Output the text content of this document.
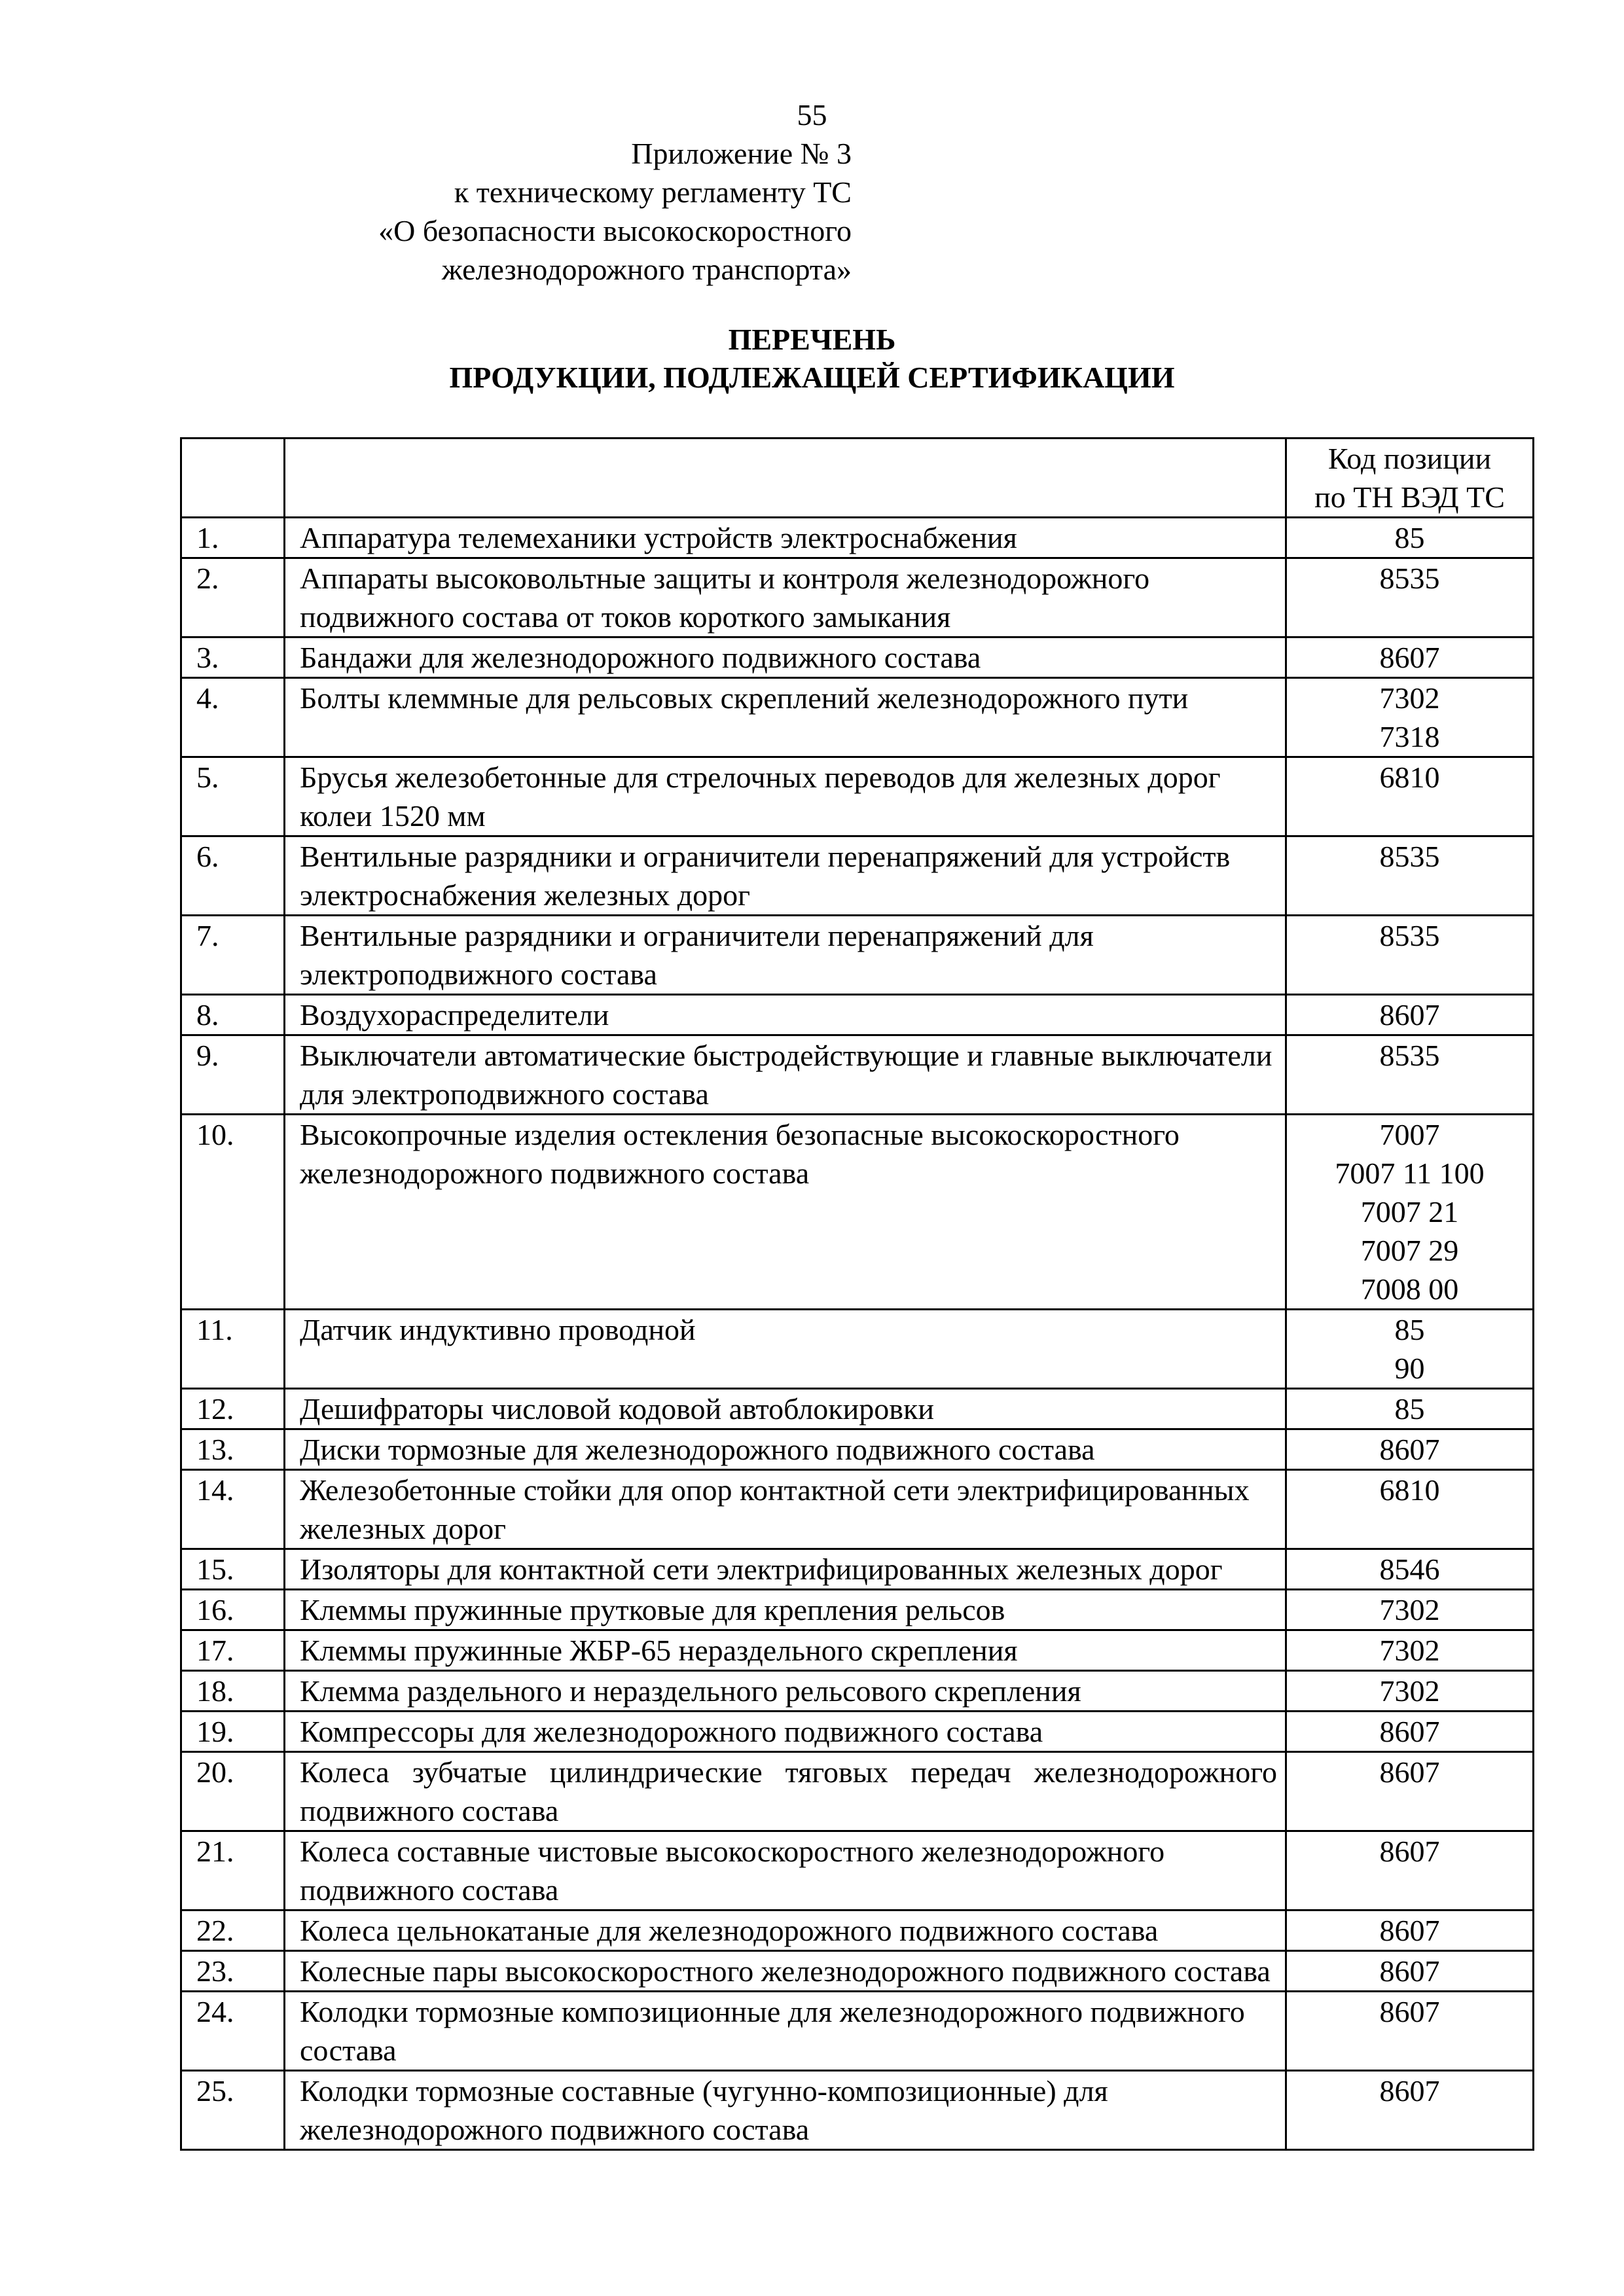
55
Приложение № 3
к техническому регламенту ТС
«О безопасности высокоскоростного
железнодорожного транспорта»
ПЕРЕЧЕНЬ
ПРОДУКЦИИ, ПОДЛЕЖАЩЕЙ СЕРТИФИКАЦИИ

		Код позиции
по ТН ВЭД ТС

1.	Аппаратура телемеханики устройств электроснабжения	85

2.	Аппараты высоковольтные защиты и контроля железнодорожного подвижного состава от токов короткого замыкания	8535

3.	Бандажи для железнодорожного подвижного состава	8607

4.	Болты клеммные для рельсовых скреплений железнодорожного пути	7302
7318

5.	Брусья железобетонные для стрелочных переводов для железных дорог колеи 1520 мм	6810

6.	Вентильные разрядники и ограничители перенапряжений для устройств электроснабжения железных дорог	8535

7.	Вентильные разрядники и ограничители перенапряжений для электроподвижного состава	8535

8.	Воздухораспределители	8607

9.	Выключатели автоматические быстродействующие и главные выключатели для электроподвижного состава	8535

10.	Высокопрочные изделия остекления безопасные высокоскоростного железнодорожного подвижного состава	7007
7007 11 100
7007 21
7007 29
7008 00

11.	Датчик индуктивно проводной	85
90

12.	Дешифраторы числовой кодовой автоблокировки	85

13.	Диски тормозные для железнодорожного подвижного состава	8607

14.	Железобетонные стойки для опор контактной сети электрифицированных железных дорог	6810

15.	Изоляторы для контактной сети электрифицированных железных дорог	8546

16.	Клеммы пружинные прутковые для крепления рельсов	7302

17.	Клеммы пружинные ЖБР-65 нераздельного скрепления	7302

18.	Клемма раздельного и нераздельного рельсового скрепления	7302

19.	Компрессоры для железнодорожного подвижного состава	8607

20.	Колеса зубчатые цилиндрические тяговых передач железнодорожного подвижного состава	8607

21.	Колеса составные чистовые высокоскоростного железнодорожного подвижного состава	8607

22.	Колеса цельнокатаные для железнодорожного подвижного состава	8607

23.	Колесные пары высокоскоростного железнодорожного подвижного состава	8607

24.	Колодки тормозные композиционные для железнодорожного подвижного состава	8607

25.	Колодки тормозные составные (чугунно-композиционные) для железнодорожного подвижного состава	8607
